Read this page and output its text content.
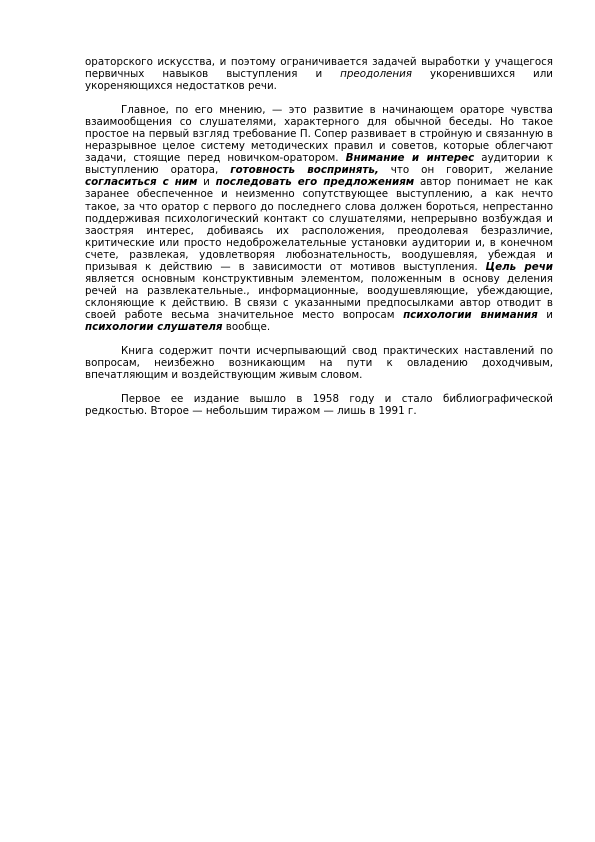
ораторского искусства, и поэтому ограничивается задачей выработки у учащегося первичных навыков выступления и преодоления укоренившихся или укореняющихся недостатков речи.

Главное, по его мнению, — это развитие в начинающем ораторе чувства взаимообщения со слушателями, характерного для обычной беседы. Но такое простое на первый взгляд требование П. Сопер развивает в стройную и связанную в неразрывное целое систему методических правил и советов, которые облегчают задачи, стоящие перед новичком-оратором. Внимание и интерес аудитории к выступлению оратора, готовность воспринять, что он говорит, желание согласиться с ним и последовать его предложениям автор понимает не как заранее обеспеченное и неизменно сопутствующее выступлению, а как нечто такое, за что оратор с первого до последнего слова должен бороться, непрестанно поддерживая психологический контакт со слушателями, непрерывно возбуждая и заостряя интерес, добиваясь их расположения, преодолевая безразличие, критические или просто недоброжелательные установки аудитории и, в конечном счете, развлекая, удовлетворяя любознательность, воодушевляя, убеждая и призывая к действию — в зависимости от мотивов выступления. Цель речи является основным конструктивным элементом, положенным в основу деления речей на развлекательные., информационные, воодушевляющие, убеждающие, склоняющие к действию. В связи с указанными предпосылками автор отводит в своей работе весьма значительное место вопросам психологии внимания и психологии слушателя вообще.

Книга содержит почти исчерпывающий свод практических наставлений по вопросам, неизбежно возникающим на пути к овладению доходчивым, впечатляющим и воздействующим живым словом.

Первое ее издание вышло в 1958 году и стало библиографической редкостью. Второе — небольшим тиражом — лишь в 1991 г.
